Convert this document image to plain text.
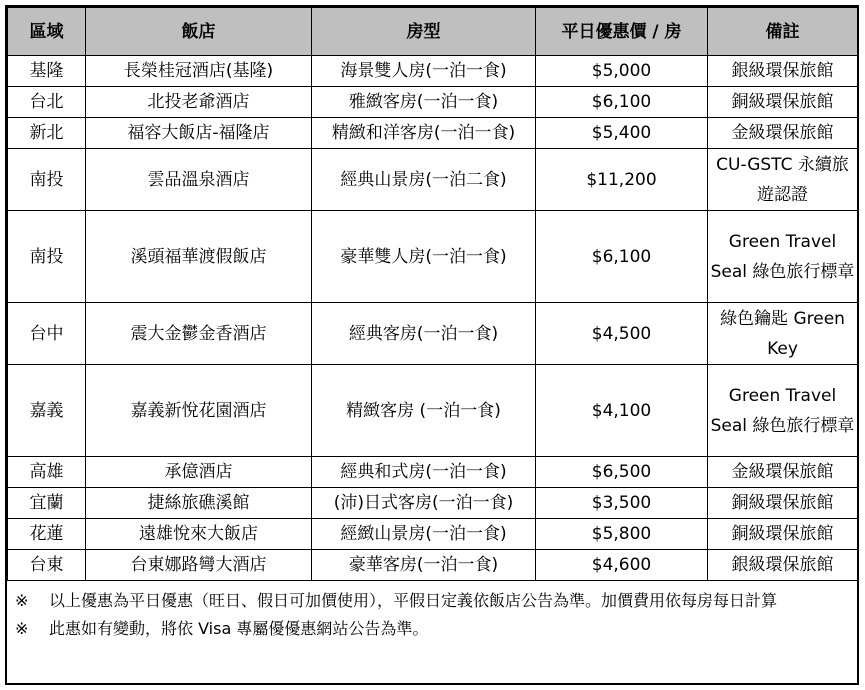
區域	飯店	房型	平日優惠價 / 房	備註
基隆	長榮桂冠酒店(基隆)	海景雙人房(一泊一食)	$5,000	銀級環保旅館
台北	北投老爺酒店	雅緻客房(一泊一食)	$6,100	銅級環保旅館
新北	福容大飯店-福隆店	精緻和洋客房(一泊一食)	$5,400	金級環保旅館
南投	雲品溫泉酒店	經典山景房(一泊二食)	$11,200	CU-GSTC 永續旅遊認證
南投	溪頭福華渡假飯店	豪華雙人房(一泊一食)	$6,100	Green Travel Seal 綠色旅行標章
台中	震大金鬱金香酒店	經典客房(一泊一食)	$4,500	綠色鑰匙 Green Key
嘉義	嘉義新悅花園酒店	精緻客房 (一泊一食)	$4,100	Green Travel Seal 綠色旅行標章
高雄	承億酒店	經典和式房(一泊一食)	$6,500	金級環保旅館
宜蘭	捷絲旅礁溪館	(沛)日式客房(一泊一食)	$3,500	銅級環保旅館
花蓮	遠雄悅來大飯店	經緻山景房(一泊一食)	$5,800	銅級環保旅館
台東	台東娜路彎大酒店	豪華客房(一泊一食)	$4,600	銀級環保旅館
※	以上優惠為平日優惠（旺日、假日可加價使用），平假日定義依飯店公告為準。加價費用依每房每日計算
※	此惠如有變動，將依 Visa 專屬優優惠網站公告為準。
